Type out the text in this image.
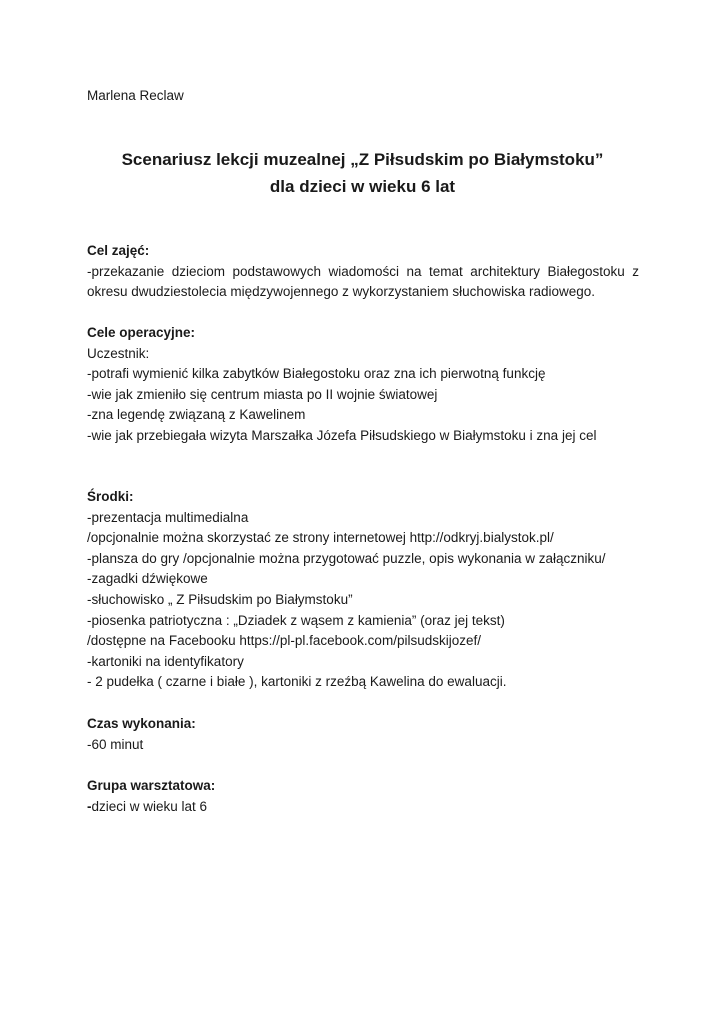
Marlena Reclaw
Scenariusz lekcji muzealnej „Z Piłsudskim po Białymstoku”
dla dzieci w wieku 6 lat
Cel zajęć:
-przekazanie dzieciom podstawowych wiadomości na temat architektury Białegostoku z
okresu dwudziestolecia międzywojennego z wykorzystaniem słuchowiska radiowego.
Cele operacyjne:
Uczestnik:
-potrafi wymienić kilka zabytków Białegostoku oraz zna ich pierwotną funkcję
-wie jak zmieniło się centrum miasta po II wojnie światowej
-zna legendę związaną z Kawelinem
-wie jak przebiegała wizyta Marszałka Józefa Piłsudskiego w Białymstoku i zna jej cel
Środki:
-prezentacja multimedialna
/opcjonalnie można skorzystać ze strony internetowej http://odkryj.bialystok.pl/
-plansza do gry /opcjonalnie można przygotować puzzle, opis wykonania w załączniku/
-zagadki dźwiękowe
-słuchowisko „ Z Piłsudskim po Białymstoku”
-piosenka patriotyczna : „Dziadek z wąsem z kamienia” (oraz jej tekst)
/dostępne na Facebooku https://pl-pl.facebook.com/pilsudskijozef/
-kartoniki na identyfikatory
- 2 pudełka ( czarne i białe ), kartoniki z rzeźbą Kawelina do ewaluacji.
Czas wykonania:
-60 minut
Grupa warsztatowa:
-dzieci w wieku lat 6
